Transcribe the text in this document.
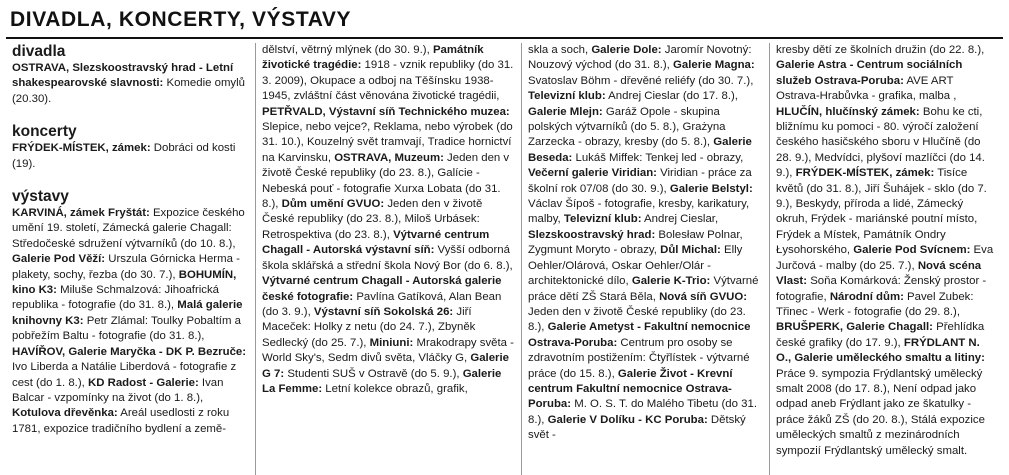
DIVADLA, KONCERTY, VÝSTAVY
divadla

OSTRAVA, Slezskoostravský hrad - Letní shakespearovské slavnosti: Komedie omylů (20.30).

koncerty

FRÝDEK-MÍSTEK, zámek: Dobráci od kosti (19).

výstavy

KARVINÁ, zámek Fryštát: Expozice českého umění 19. století, Zámecká galerie Chagall: Středočeské sdružení výtvarníků (do 10. 8.), Galerie Pod Věží: Urszula Górnicka Herma - plakety, sochy, řezba (do 30. 7.), BOHUMÍN, kino K3: Miluše Schmalzová: Jihoafrická republika - fotografie (do 31. 8.), Malá galerie knihovny K3: Petr Zlámal: Toulky Pobaltím a pobřežím Baltu - fotografie (do 31. 8.), HAVÍŘOV, Galerie Maryčka - DK P. Bezruče: Ivo Liberda a Natálie Liberdová - fotografie z cest (do 1. 8.), KD Radost - Galerie: Ivan Balcar - vzpomínky na život (do 1. 8.), Kotulova dřevěnka: Areál usedlosti z roku 1781, expozice tradičního bydlení a země-

dělství, větrný mlýnek (do 30. 9.), Památník životické tragédie: 1918 - vznik republiky (do 31. 3. 2009), Okupace a odboj na Těšínsku 1938-1945, zvláštní část věnována životické tragédii, PETŘVALD, Výstavní síň Technického muzea: Slepice, nebo vejce?, Reklama, nebo výrobek (do 31. 10.), Kouzelný svět tramvají, Tradice hornictví na Karvinsku, OSTRAVA, Muzeum: Jeden den v životě České republiky (do 23. 8.), Galície - Nebeská pouť - fotografie Xurxa Lobata (do 31. 8.), Dům umění GVUO: Jeden den v životě České republiky (do 23. 8.), Miloš Urbásek: Retrospektiva (do 23. 8.), Výtvarné centrum Chagall - Autorská výstavní síň: Vyšší odborná škola sklářská a střední škola Nový Bor (do 6. 8.), Výtvarné centrum Chagall - Autorská galerie české fotografie: Pavlína Gatíková, Alan Bean (do 3. 9.), Výstavní síň Sokolská 26: Jiří Maceček: Holky z netu (do 24. 7.), Zbyněk Sedlecký (do 25. 7.), Miniuni: Mrakodrapy světa - World Sky's, Sedm divů světa, Vláčky G, Galerie G 7: Studenti SUŠ v Ostravě (do 5. 9.), Galerie La Femme: Letní kolekce obrazů, grafik,

skla a soch, Galerie Dole: Jaromír Novotný: Nouzový východ (do 31. 8.), Galerie Magna: Svatoslav Böhm - dřevěné reliéfy (do 30. 7.), Televizní klub: Andrej Cieslar (do 17. 8.), Galerie Mlejn: Garáž Opole - skupina polských výtvarníků (do 5. 8.), Grażyna Zarzecka - obrazy, kresby (do 5. 8.), Galerie Beseda: Lukáš Miffek: Tenkej led - obrazy, Večerní galerie Viridian: Viridian - práce za školní rok 07/08 (do 30. 9.), Galerie Belstyl: Václav Šípoš - fotografie, kresby, karikatury, malby, Televizní klub: Andrej Cieslar, Slezskoostravský hrad: Bolesław Polnar, Zygmunt Moryto - obrazy, Důl Michal: Elly Oehler/Olárová, Oskar Oehler/Olár - architektonické dílo, Galerie K-Trio: Výtvarné práce dětí ZŠ Stará Běla, Nová síň GVUO: Jeden den v životě České republiky (do 23. 8.), Galerie Ametyst - Fakultní nemocnice Ostrava-Poruba: Centrum pro osoby se zdravotním postižením: Čtyřlístek - výtvarné práce (do 15. 8.), Galerie Život - Krevní centrum Fakultní nemocnice Ostrava-Poruba: M. O. S. T. do Malého Tibetu (do 31. 8.), Galerie V Dolíku - KC Poruba: Dětský svět -

kresby dětí ze školních družin (do 22. 8.), Galerie Astra - Centrum sociálních služeb Ostrava-Poruba: AVE ART Ostrava-Hrabůvka - grafika, malba , HLUČÍN, hlučínský zámek: Bohu ke cti, bližnímu ku pomoci - 80. výročí založení českého hasičského sboru v Hlučíně (do 28. 9.), Medvídci, plyšoví mazlíčci (do 14. 9.), FRÝDEK-MÍSTEK, zámek: Tisíce květů (do 31. 8.), Jiří Šuhájek - sklo (do 7. 9.), Beskydy, příroda a lidé, Zámecký okruh, Frýdek - mariánské poutní místo, Frýdek a Místek, Památník Ondry Łysohorského, Galerie Pod Svícnem: Eva Jurčová - malby (do 25. 7.), Nová scéna Vlast: Soňa Komárková: Ženský prostor - fotografie, Národní dům: Pavel Zubek: Třinec - Werk - fotografie (do 29. 8.), BRUŠPERK, Galerie Chagall: Přehlídka české grafiky (do 17. 9.), FRÝDLANT N. O., Galerie uměleckého smaltu a litiny: Práce 9. sympozia Frýdlantský umělecký smalt 2008 (do 17. 8.), Není odpad jako odpad aneb Frýdlant jako ze škatulky - práce žáků ZŠ (do 20. 8.), Stálá expozice uměleckých smaltů z mezinárodních sympozií Frýdlantský umělecký smalt.
